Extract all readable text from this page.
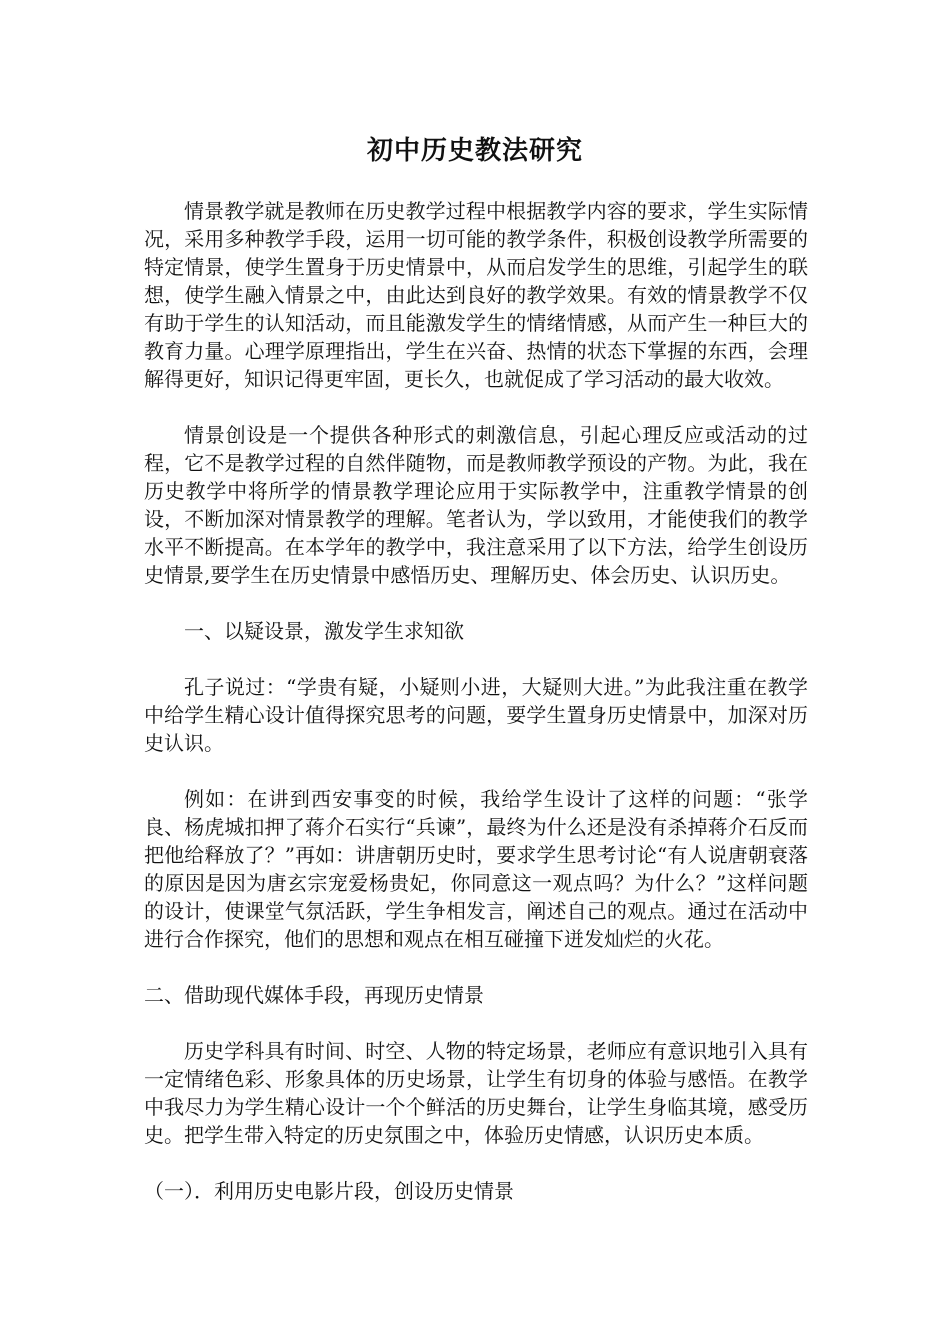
初中历史教法研究

情景教学就是教师在历史教学过程中根据教学内容的要求，学生实际情况，采用多种教学手段，运用一切可能的教学条件，积极创设教学所需要的特定情景，使学生置身于历史情景中，从而启发学生的思维，引起学生的联想，使学生融入情景之中，由此达到良好的教学效果。有效的情景教学不仅有助于学生的认知活动，而且能激发学生的情绪情感，从而产生一种巨大的教育力量。心理学原理指出，学生在兴奋、热情的状态下掌握的东西，会理解得更好，知识记得更牢固，更长久，也就促成了学习活动的最大收效。

情景创设是一个提供各种形式的刺激信息，引起心理反应或活动的过程，它不是教学过程的自然伴随物，而是教师教学预设的产物。为此，我在历史教学中将所学的情景教学理论应用于实际教学中，注重教学情景的创设，不断加深对情景教学的理解。笔者认为，学以致用，才能使我们的教学水平不断提高。在本学年的教学中，我注意采用了以下方法，给学生创设历史情景,要学生在历史情景中感悟历史、理解历史、体会历史、认识历史。

一、以疑设景，激发学生求知欲

孔子说过：“学贵有疑，小疑则小进，大疑则大进。”为此我注重在教学中给学生精心设计值得探究思考的问题，要学生置身历史情景中，加深对历史认识。

例如：在讲到西安事变的时候，我给学生设计了这样的问题：“张学良、杨虎城扣押了蒋介石实行“兵谏”，最终为什么还是没有杀掉蒋介石反而把他给释放了？”再如：讲唐朝历史时，要求学生思考讨论“有人说唐朝衰落的原因是因为唐玄宗宠爱杨贵妃，你同意这一观点吗？为什么？”这样问题的设计，使课堂气氛活跃，学生争相发言，阐述自己的观点。通过在活动中进行合作探究，他们的思想和观点在相互碰撞下迸发灿烂的火花。

二、借助现代媒体手段，再现历史情景

历史学科具有时间、时空、人物的特定场景，老师应有意识地引入具有一定情绪色彩、形象具体的历史场景，让学生有切身的体验与感悟。在教学中我尽力为学生精心设计一个个鲜活的历史舞台，让学生身临其境，感受历史。把学生带入特定的历史氛围之中，体验历史情感，认识历史本质。

（一）．利用历史电影片段，创设历史情景
